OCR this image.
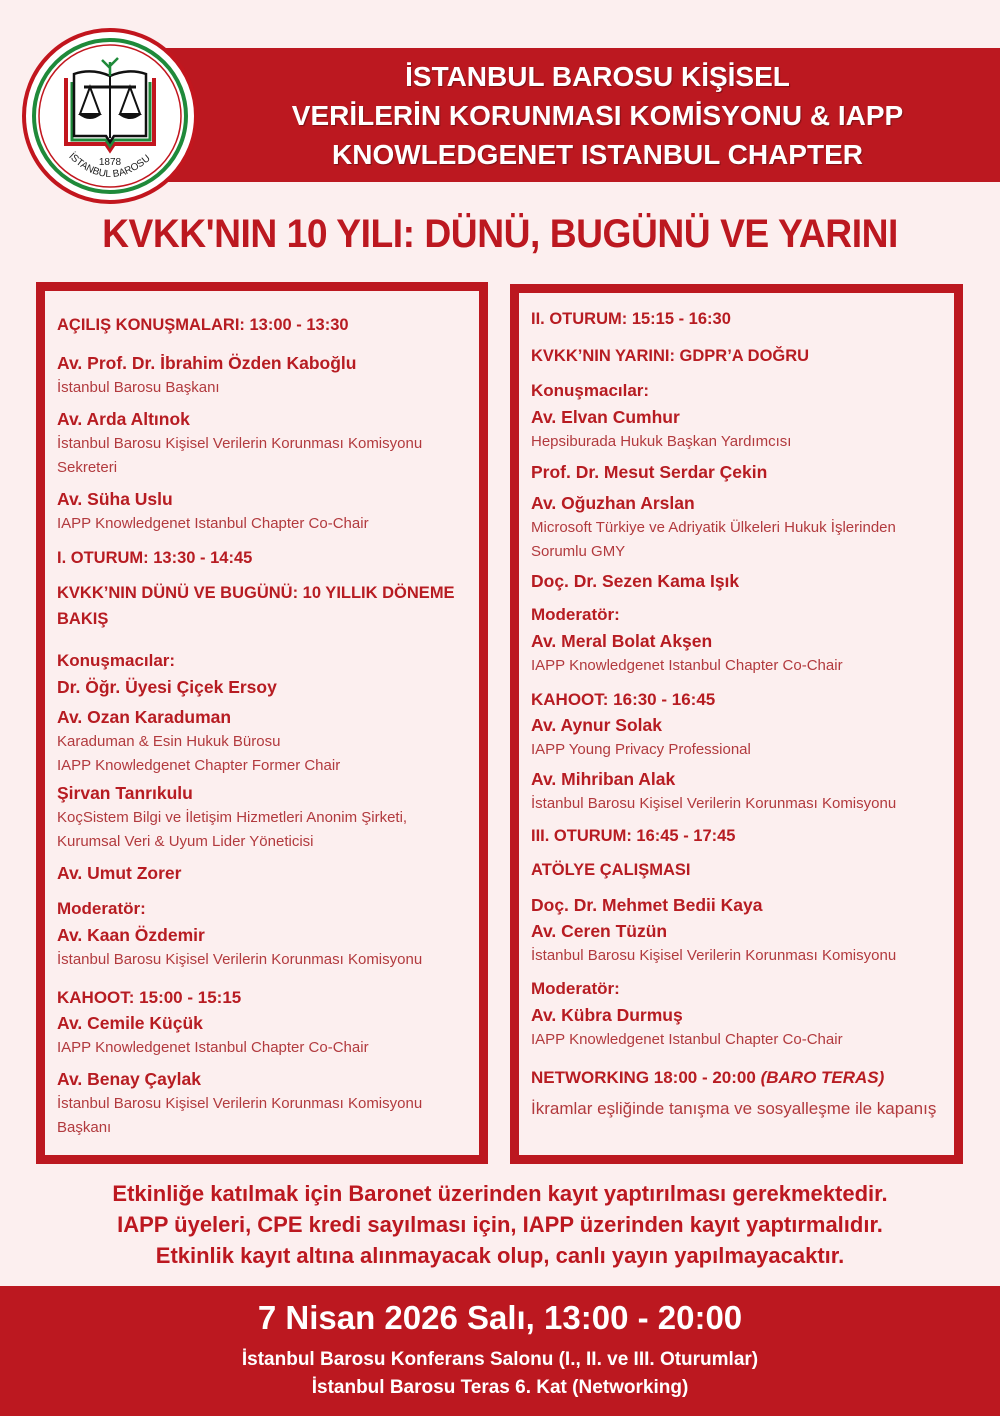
İSTANBUL BAROSU KİŞİSEL
VERİLERİN KORUNMASI KOMİSYONU & IAPP
KNOWLEDGENET ISTANBUL CHAPTER
1878
İSTANBUL BAROSU
KVKK'NIN 10 YILI: DÜNÜ, BUGÜNÜ VE YARINI
AÇILIŞ KONUŞMALARI: 13:00 - 13:30
Av. Prof. Dr. İbrahim Özden Kaboğlu
İstanbul Barosu Başkanı
Av. Arda Altınok
İstanbul Barosu Kişisel Verilerin Korunması Komisyonu Sekreteri
Av. Süha Uslu
IAPP Knowledgenet Istanbul Chapter Co-Chair
I. OTURUM: 13:30 - 14:45
KVKK’NIN DÜNÜ VE BUGÜNÜ: 10 YILLIK DÖNEME BAKIŞ
Konuşmacılar:
Dr. Öğr. Üyesi Çiçek Ersoy
Av. Ozan Karaduman
Karaduman & Esin Hukuk Bürosu
IAPP Knowledgenet Chapter Former Chair
Şirvan Tanrıkulu
KoçSistem Bilgi ve İletişim Hizmetleri Anonim Şirketi, Kurumsal Veri & Uyum Lider Yöneticisi
Av. Umut Zorer
Moderatör:
Av. Kaan Özdemir
İstanbul Barosu Kişisel Verilerin Korunması Komisyonu
KAHOOT: 15:00 - 15:15
Av. Cemile Küçük
IAPP Knowledgenet Istanbul Chapter Co-Chair
Av. Benay Çaylak
İstanbul Barosu Kişisel Verilerin Korunması Komisyonu Başkanı
II. OTURUM: 15:15 - 16:30
KVKK’NIN YARINI: GDPR’A DOĞRU
Konuşmacılar:
Av. Elvan Cumhur
Hepsiburada Hukuk Başkan Yardımcısı
Prof. Dr. Mesut Serdar Çekin
Av. Oğuzhan Arslan
Microsoft Türkiye ve Adriyatik Ülkeleri Hukuk İşlerinden Sorumlu GMY
Doç. Dr. Sezen Kama Işık
Moderatör:
Av. Meral Bolat Akşen
IAPP Knowledgenet Istanbul Chapter Co-Chair
KAHOOT: 16:30 - 16:45
Av. Aynur Solak
IAPP Young Privacy Professional
Av. Mihriban Alak
İstanbul Barosu Kişisel Verilerin Korunması Komisyonu
III. OTURUM: 16:45 - 17:45
ATÖLYE ÇALIŞMASI
Doç. Dr. Mehmet Bedii Kaya
Av. Ceren Tüzün
İstanbul Barosu Kişisel Verilerin Korunması Komisyonu
Moderatör:
Av. Kübra Durmuş
IAPP Knowledgenet Istanbul Chapter Co-Chair
NETWORKING 18:00 - 20:00 (BARO TERAS)
İkramlar eşliğinde tanışma ve sosyalleşme ile kapanış
Etkinliğe katılmak için Baronet üzerinden kayıt yaptırılması gerekmektedir.
IAPP üyeleri, CPE kredi sayılması için, IAPP üzerinden kayıt yaptırmalıdır.
Etkinlik kayıt altına alınmayacak olup, canlı yayın yapılmayacaktır.
7 Nisan 2026 Salı, 13:00 - 20:00
İstanbul Barosu Konferans Salonu (I., II. ve III. Oturumlar)
İstanbul Barosu Teras 6. Kat (Networking)
